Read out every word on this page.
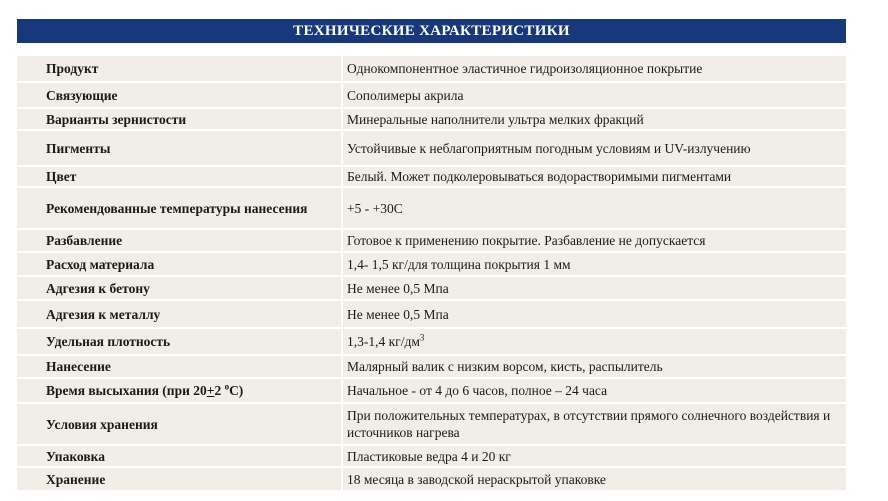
ТЕХНИЧЕСКИЕ ХАРАКТЕРИСТИКИ
Продукт	Однокомпонентное эластичное гидроизоляционное покрытие
Связующие	Сополимеры акрила
Варианты зернистости	Минеральные наполнители ультра мелких фракций
Пигменты	Устойчивые к неблагоприятным погодным условиям и UV-излучению
Цвет	Белый. Может подколеровываться водорастворимыми пигментами
Рекомендованные температуры нанесения	+5 - +30С
Разбавление	Готовое к применению покрытие. Разбавление не допускается
Расход материала	1,4- 1,5 кг/для толщина покрытия 1 мм
Адгезия к бетону	Не менее 0,5 Мпа
Адгезия к металлу	Не менее 0,5 Мпа
Удельная плотность	1,3-1,4 $кг/дм^3$
Нанесение	Малярный валик с низким ворсом, кисть, распылитель
Время высыхания (при 20+2 $^о$С)	Начальное - от 4 до 6 часов, полное – 24 часа
Условия хранения	При положительных температурах, в отсутствии прямого солнечного воздействия и источников нагрева
Упаковка	Пластиковые ведра 4 и 20 кг
Хранение	18 месяца в заводской нераскрытой упаковке
